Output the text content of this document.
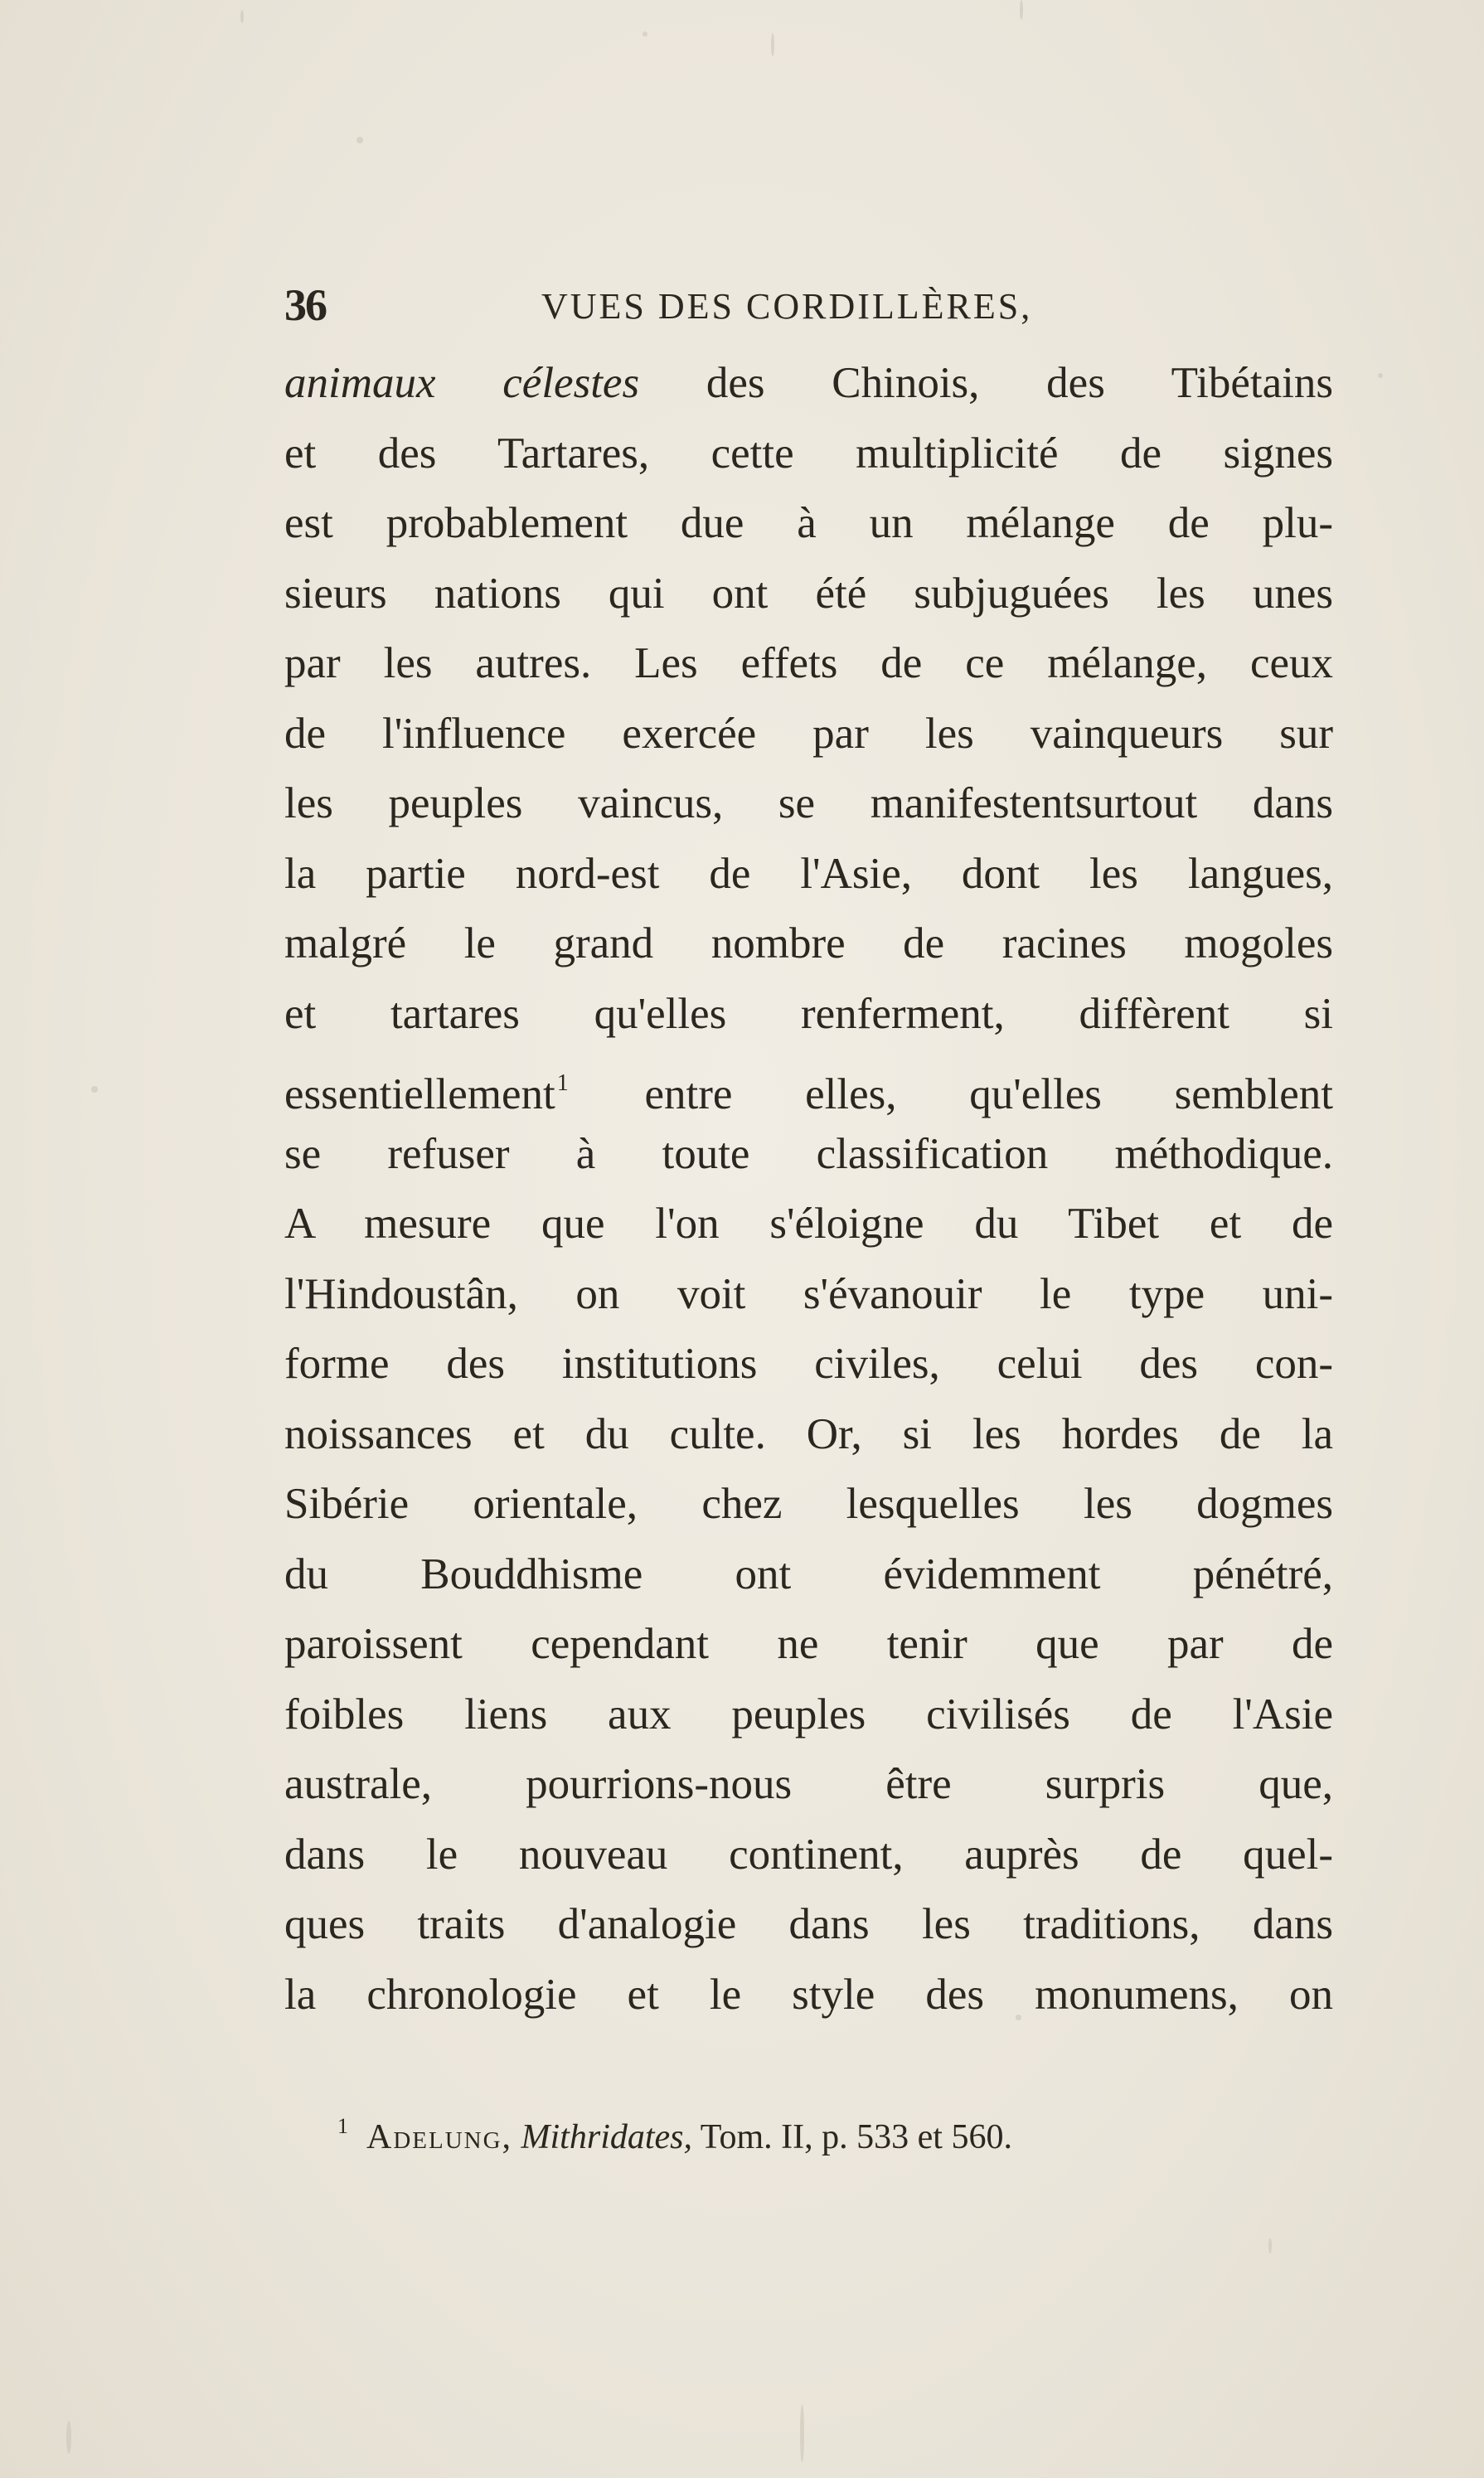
36	VUES DES CORDILLÈRES,
animaux célestes des Chinois, des Tibétains
et des Tartares, cette multiplicité de signes
est probablement due à un mélange de plu-
sieurs nations qui ont été subjuguées les unes
par les autres. Les effets de ce mélange, ceux
de l'influence exercée par les vainqueurs sur
les peuples vaincus, se manifestentsurtout dans
la partie nord-est de l'Asie, dont les langues,
malgré le grand nombre de racines mogoles
et tartares qu'elles renferment, diffèrent si
essentiellement$^1$ entre elles, qu'elles semblent
se refuser à toute classification méthodique.
A mesure que l'on s'éloigne du Tibet et de
l'Hindoustân, on voit s'évanouir le type uni-
forme des institutions civiles, celui des con-
noissances et du culte. Or, si les hordes de la
Sibérie orientale, chez lesquelles les dogmes
du Bouddhisme ont évidemment pénétré,
paroissent cependant ne tenir que par de
foibles liens aux peuples civilisés de l'Asie
australe, pourrions-nous être surpris que,
dans le nouveau continent, auprès de quel-
ques traits d'analogie dans les traditions, dans
la chronologie et le style des monumens, on
$^1$ Adelung, Mithridates, Tom. II, p. 533 et 560.
